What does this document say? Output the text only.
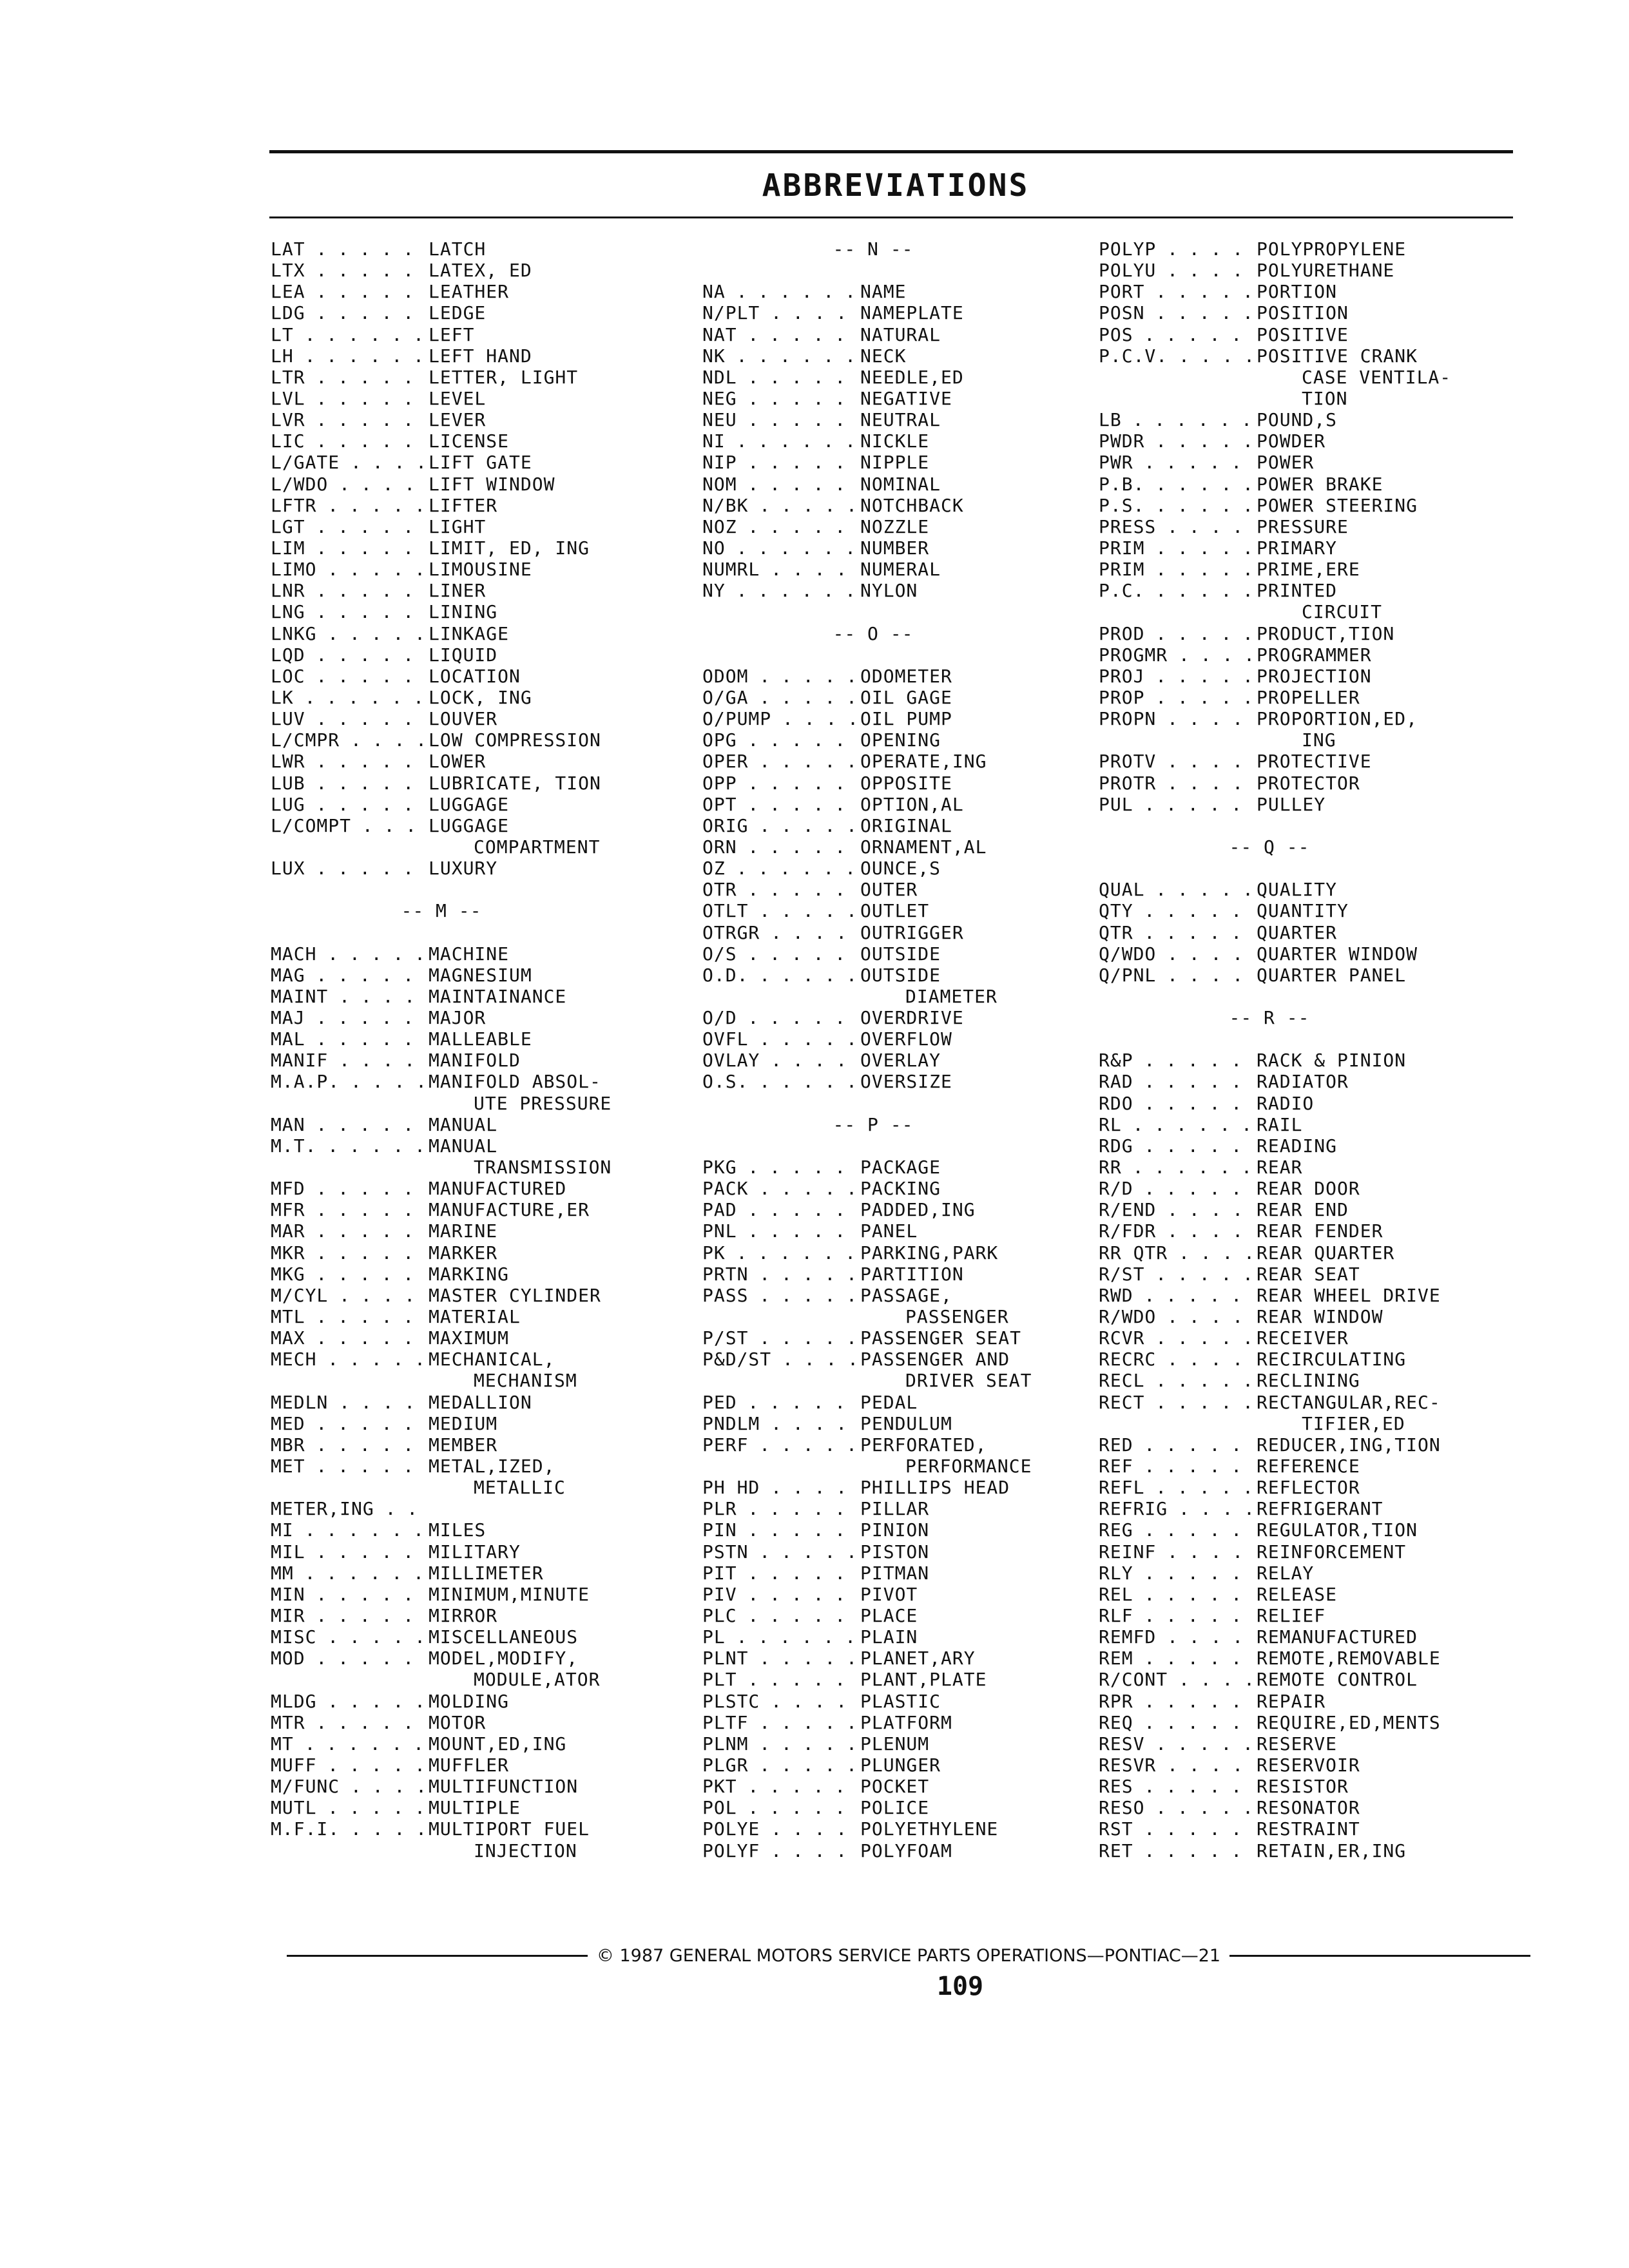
ABBREVIATIONS
LAT . . .	LATCH
LTX . . .	LATEX, ED
LEA . . .	LEATHER
LDG . . .	LEDGE
LT . . .	LEFT
LH . . .	LEFT HAND
LTR . . .	LETTER, LIGHT
LVL . . .	LEVEL
LVR . . .	LEVER
LIC . . .	LICENSE
L/GATE . . .	LIFT GATE
L/WDO . . .	LIFT WINDOW
LFTR . . .	LIFTER
LGT . . .	LIGHT
LIM . . .	LIMIT, ED, ING
LIMO . . .	LIMOUSINE
LNR . . .	LINER
LNG . . .	LINING
LNKG . . .	LINKAGE
LQD . . .	LIQUID
LOC . . .	LOCATION
LK . . .	LOCK, ING
LUV . . .	LOUVER
L/CMPR . . .	LOW COMPRESSION
LWR . . .	LOWER
LUB . . .	LUBRICATE, TION
LUG . . .	LUGGAGE
L/COMPT . . .	LUGGAGE
COMPARTMENT
LUX . . .	LUXURY
-- M --
MACH . . .	MACHINE
MAG . . .	MAGNESIUM
MAINT . . .	MAINTAINANCE
MAJ . . .	MAJOR
MAL . . .	MALLEABLE
MANIF . . .	MANIFOLD
M.A.P. . . .	MANIFOLD ABSOL-
UTE PRESSURE
MAN . . .	MANUAL
M.T. . . .	MANUAL
TRANSMISSION
MFD . . .	MANUFACTURED
MFR . . .	MANUFACTURE,ER
MAR . . .	MARINE
MKR . . .	MARKER
MKG . . .	MARKING
M/CYL . . .	MASTER CYLINDER
MTL . . .	MATERIAL
MAX . . .	MAXIMUM
MECH . . .	MECHANICAL,
MECHANISM
MEDLN . . .	MEDALLION
MED . . .	MEDIUM
MBR . . .	MEMBER
MET . . .	METAL,IZED,
METALLIC
METER,ING . . .
MI . . .	MILES
MIL . . .	MILITARY
MM . . .	MILLIMETER
MIN . . .	MINIMUM,MINUTE
MIR . . .	MIRROR
MISC . . .	MISCELLANEOUS
MOD . . .	MODEL,MODIFY,
MODULE,ATOR
MLDG . . .	MOLDING
MTR . . .	MOTOR
MT . . .	MOUNT,ED,ING
MUFF . . .	MUFFLER
M/FUNC . . .	MULTIFUNCTION
MUTL . . .	MULTIPLE
M.F.I. . . .	MULTIPORT FUEL
INJECTION
-- N --
NA . . .	NAME
N/PLT . . .	NAMEPLATE
NAT . . .	NATURAL
NK . . .	NECK
NDL . . .	NEEDLE,ED
NEG . . .	NEGATIVE
NEU . . .	NEUTRAL
NI . . .	NICKLE
NIP . . .	NIPPLE
NOM . . .	NOMINAL
N/BK . . .	NOTCHBACK
NOZ . . .	NOZZLE
NO . . .	NUMBER
NUMRL . . .	NUMERAL
NY . . .	NYLON
-- O --
ODOM . . .	ODOMETER
O/GA . . .	OIL GAGE
O/PUMP . . .	OIL PUMP
OPG . . .	OPENING
OPER . . .	OPERATE,ING
OPP . . .	OPPOSITE
OPT . . .	OPTION,AL
ORIG . . .	ORIGINAL
ORN . . .	ORNAMENT,AL
OZ . . .	OUNCE,S
OTR . . .	OUTER
OTLT . . .	OUTLET
OTRGR . . .	OUTRIGGER
O/S . . .	OUTSIDE
O.D. . . .	OUTSIDE
DIAMETER
O/D . . .	OVERDRIVE
OVFL . . .	OVERFLOW
OVLAY . . .	OVERLAY
O.S. . . .	OVERSIZE
-- P --
PKG . . .	PACKAGE
PACK . . .	PACKING
PAD . . .	PADDED,ING
PNL . . .	PANEL
PK . . .	PARKING,PARK
PRTN . . .	PARTITION
PASS . . .	PASSAGE,
PASSENGER
P/ST . . .	PASSENGER SEAT
P&D/ST . . .	PASSENGER AND
DRIVER SEAT
PED . . .	PEDAL
PNDLM . . .	PENDULUM
PERF . . .	PERFORATED,
PERFORMANCE
PH HD . . .	PHILLIPS HEAD
PLR . . .	PILLAR
PIN . . .	PINION
PSTN . . .	PISTON
PIT . . .	PITMAN
PIV . . .	PIVOT
PLC . . .	PLACE
PL . . .	PLAIN
PLNT . . .	PLANET,ARY
PLT . . .	PLANT,PLATE
PLSTC . . .	PLASTIC
PLTF . . .	PLATFORM
PLNM . . .	PLENUM
PLGR . . .	PLUNGER
PKT . . .	POCKET
POL . . .	POLICE
POLYE . . .	POLYETHYLENE
POLYF . . .	POLYFOAM
POLYP . . .	POLYPROPYLENE
POLYU . . .	POLYURETHANE
PORT . . .	PORTION
POSN . . .	POSITION
POS . . .	POSITIVE
P.C.V. . . .	POSITIVE CRANK
CASE VENTILA-
TION
LB . . .	POUND,S
PWDR . . .	POWDER
PWR . . .	POWER
P.B. . . .	POWER BRAKE
P.S. . . .	POWER STEERING
PRESS . . .	PRESSURE
PRIM . . .	PRIMARY
PRIM . . .	PRIME,ERE
P.C. . . .	PRINTED
CIRCUIT
PROD . . .	PRODUCT,TION
PROGMR . . .	PROGRAMMER
PROJ . . .	PROJECTION
PROP . . .	PROPELLER
PROPN . . .	PROPORTION,ED,
ING
PROTV . . .	PROTECTIVE
PROTR . . .	PROTECTOR
PUL . . .	PULLEY
-- Q --
QUAL . . .	QUALITY
QTY . . .	QUANTITY
QTR . . .	QUARTER
Q/WDO . . .	QUARTER WINDOW
Q/PNL . . .	QUARTER PANEL
-- R --
R&P . . .	RACK & PINION
RAD . . .	RADIATOR
RDO . . .	RADIO
RL . . .	RAIL
RDG . . .	READING
RR . . .	REAR
R/D . . .	REAR DOOR
R/END . . .	REAR END
R/FDR . . .	REAR FENDER
RR QTR . . .	REAR QUARTER
R/ST . . .	REAR SEAT
RWD . . .	REAR WHEEL DRIVE
R/WDO . . .	REAR WINDOW
RCVR . . .	RECEIVER
RECRC . . .	RECIRCULATING
RECL . . .	RECLINING
RECT . . .	RECTANGULAR,REC-
TIFIER,ED
RED . . .	REDUCER,ING,TION
REF . . .	REFERENCE
REFL . . .	REFLECTOR
REFRIG . . .	REFRIGERANT
REG . . .	REGULATOR,TION
REINF . . .	REINFORCEMENT
RLY . . .	RELAY
REL . . .	RELEASE
RLF . . .	RELIEF
REMFD . . .	REMANUFACTURED
REM . . .	REMOTE,REMOVABLE
R/CONT . . .	REMOTE CONTROL
RPR . . .	REPAIR
REQ . . .	REQUIRE,ED,MENTS
RESV . . .	RESERVE
RESVR . . .	RESERVOIR
RES . . .	RESISTOR
RESO . . .	RESONATOR
RST . . .	RESTRAINT
RET . . .	RETAIN,ER,ING
© 1987 GENERAL MOTORS SERVICE PARTS OPERATIONS—PONTIAC—21
109
